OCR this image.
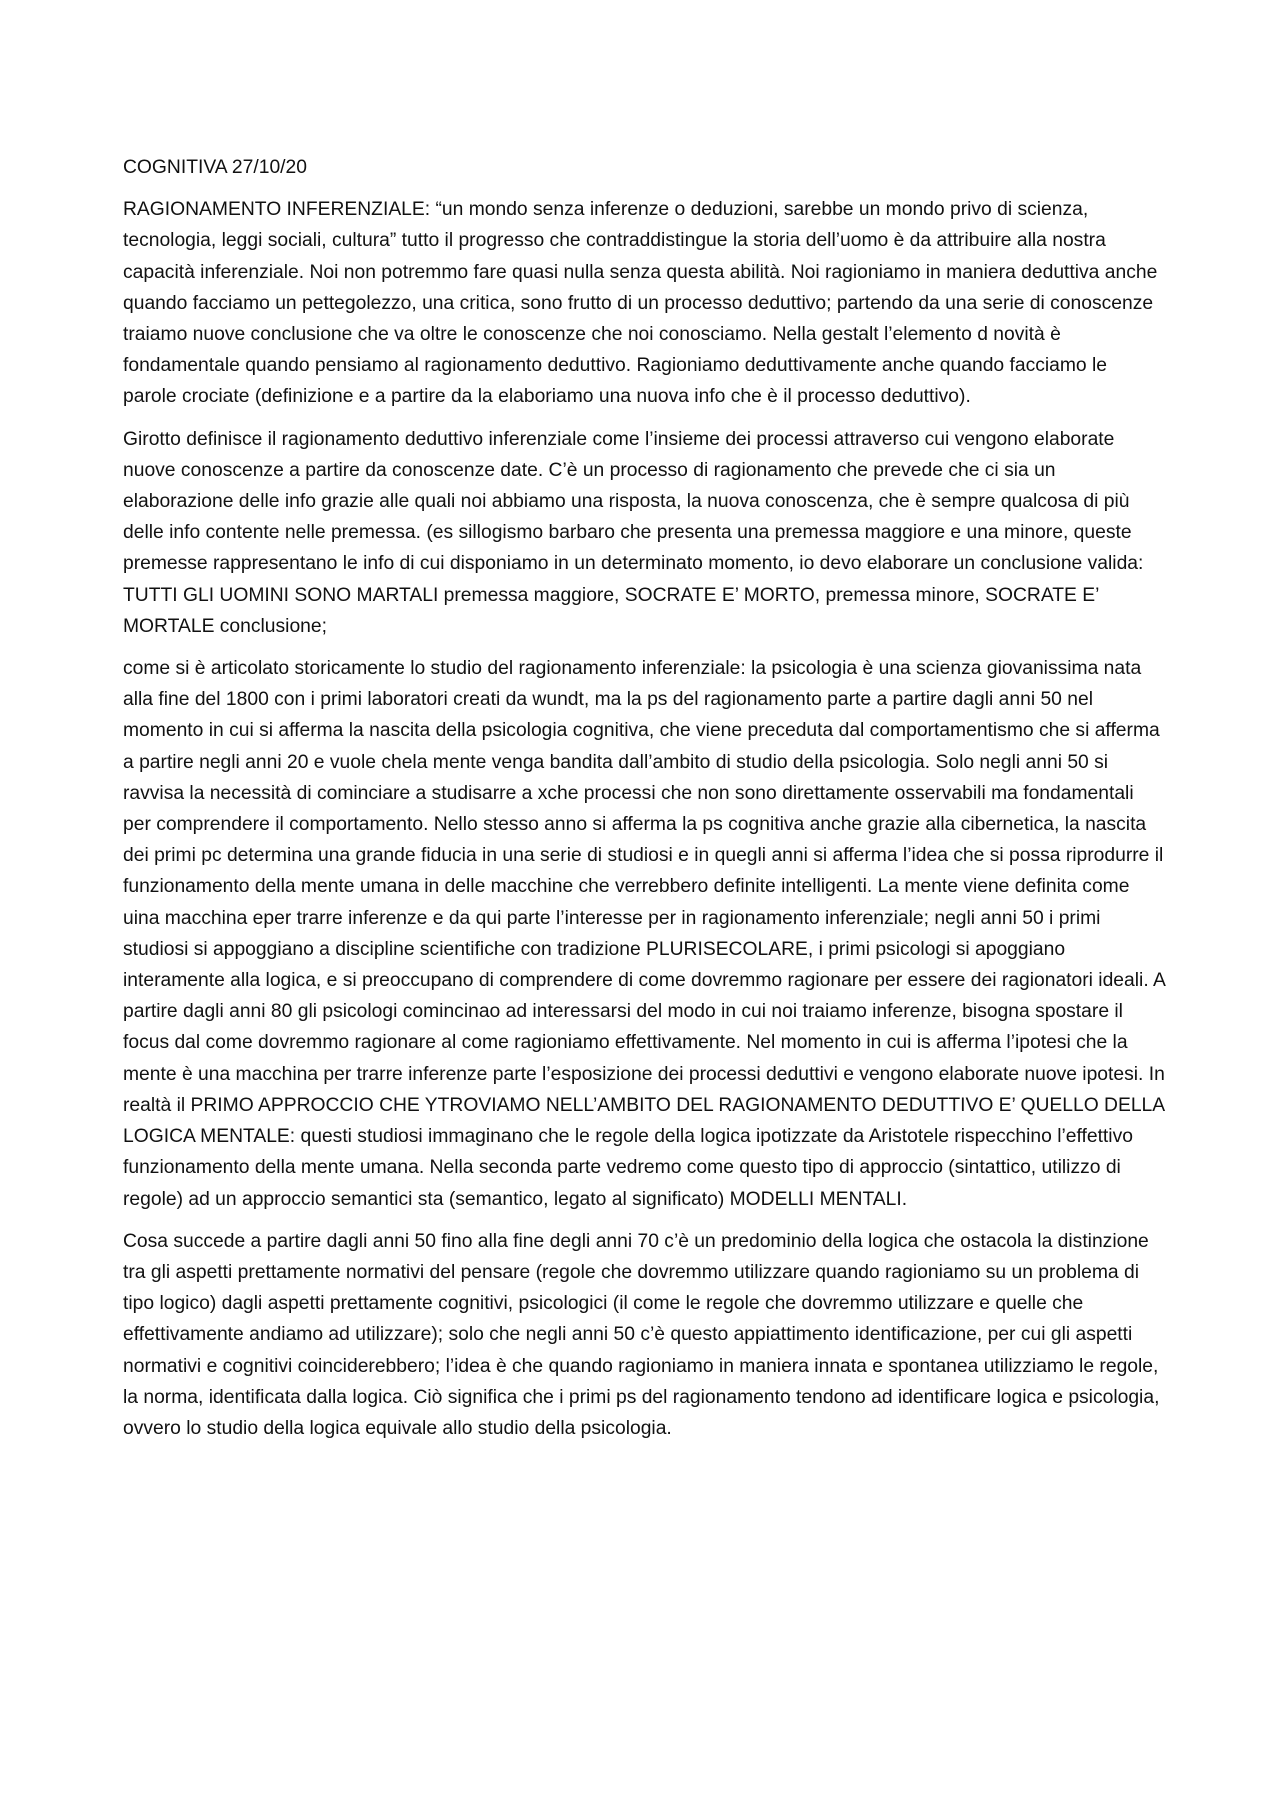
COGNITIVA 27/10/20

RAGIONAMENTO INFERENZIALE: “un mondo senza inferenze o deduzioni, sarebbe un mondo privo di scienza, tecnologia, leggi sociali, cultura” tutto il progresso che contraddistingue la storia dell’uomo è da attribuire alla nostra capacità inferenziale. Noi non potremmo fare quasi nulla senza questa abilità. Noi ragioniamo in maniera deduttiva anche quando facciamo un pettegolezzo, una critica, sono frutto di un processo deduttivo; partendo da una serie di conoscenze traiamo nuove conclusione che va oltre le conoscenze che noi conosciamo. Nella gestalt l’elemento d novità è fondamentale quando pensiamo al ragionamento deduttivo. Ragioniamo deduttivamente anche quando facciamo le parole crociate (definizione e a partire da la elaboriamo una nuova info che è il processo deduttivo).

Girotto definisce il ragionamento deduttivo inferenziale come l’insieme dei processi attraverso cui vengono elaborate nuove conoscenze a partire da conoscenze date. C’è un processo di ragionamento che prevede che ci sia un elaborazione delle info grazie alle quali noi abbiamo una risposta, la nuova conoscenza, che è sempre qualcosa di più delle info contente nelle premessa. (es sillogismo barbaro che presenta una premessa maggiore e una minore, queste premesse rappresentano le info di cui disponiamo in un determinato momento, io devo elaborare un conclusione valida: TUTTI GLI UOMINI SONO MARTALI premessa maggiore, SOCRATE E’ MORTO, premessa minore, SOCRATE E’ MORTALE conclusione;

come si è articolato storicamente lo studio del ragionamento inferenziale: la psicologia è una scienza giovanissima nata alla fine del 1800 con i primi laboratori creati da wundt, ma la ps del ragionamento parte a partire dagli anni 50 nel momento in cui si afferma la nascita della psicologia cognitiva, che viene preceduta dal comportamentismo che si afferma a partire negli anni 20 e vuole chela mente venga bandita dall’ambito di studio della psicologia. Solo negli anni 50 si ravvisa la necessità di cominciare a studisarre a xche processi che non sono direttamente osservabili ma fondamentali per comprendere il comportamento. Nello stesso anno si afferma la ps cognitiva anche grazie alla cibernetica, la nascita dei primi pc determina una grande fiducia in una serie di studiosi e in quegli anni si afferma l’idea che si possa riprodurre il funzionamento della mente umana in delle macchine che verrebbero definite intelligenti. La mente viene definita come uina macchina eper trarre inferenze e da qui parte l’interesse per in ragionamento inferenziale; negli anni 50 i primi studiosi si appoggiano a discipline scientifiche con tradizione PLURISECOLARE, i primi psicologi si apoggiano interamente alla logica, e si preoccupano di comprendere di come dovremmo ragionare per essere dei ragionatori ideali. A partire dagli anni 80 gli psicologi comincinao ad interessarsi del modo in cui noi traiamo inferenze, bisogna spostare il focus dal come dovremmo ragionare al come ragioniamo effettivamente. Nel momento in cui is afferma l’ipotesi che la mente è una macchina per trarre inferenze parte l’esposizione dei processi deduttivi e vengono elaborate nuove ipotesi. In realtà il PRIMO APPROCCIO CHE YTROVIAMO NELL’AMBITO DEL RAGIONAMENTO DEDUTTIVO E’ QUELLO DELLA LOGICA MENTALE: questi studiosi immaginano che le regole della logica ipotizzate da Aristotele rispecchino l’effettivo funzionamento della mente umana. Nella seconda parte vedremo come questo tipo di approccio (sintattico, utilizzo di regole) ad un approccio semantici sta (semantico, legato al significato) MODELLI MENTALI.

Cosa succede a partire dagli anni 50 fino alla fine degli anni 70 c’è un predominio della logica che ostacola la distinzione tra gli aspetti prettamente normativi del pensare (regole che dovremmo utilizzare quando ragioniamo su un problema di tipo logico) dagli aspetti prettamente cognitivi, psicologici (il come le regole che dovremmo utilizzare e quelle che effettivamente andiamo ad utilizzare); solo che negli anni 50 c’è questo appiattimento identificazione, per cui gli aspetti normativi e cognitivi coinciderebbero; l’idea è che quando ragioniamo in maniera innata e spontanea utilizziamo le regole, la norma, identificata dalla logica. Ciò significa che i primi ps del ragionamento tendono ad identificare logica e psicologia, ovvero lo studio della logica equivale allo studio della psicologia.
